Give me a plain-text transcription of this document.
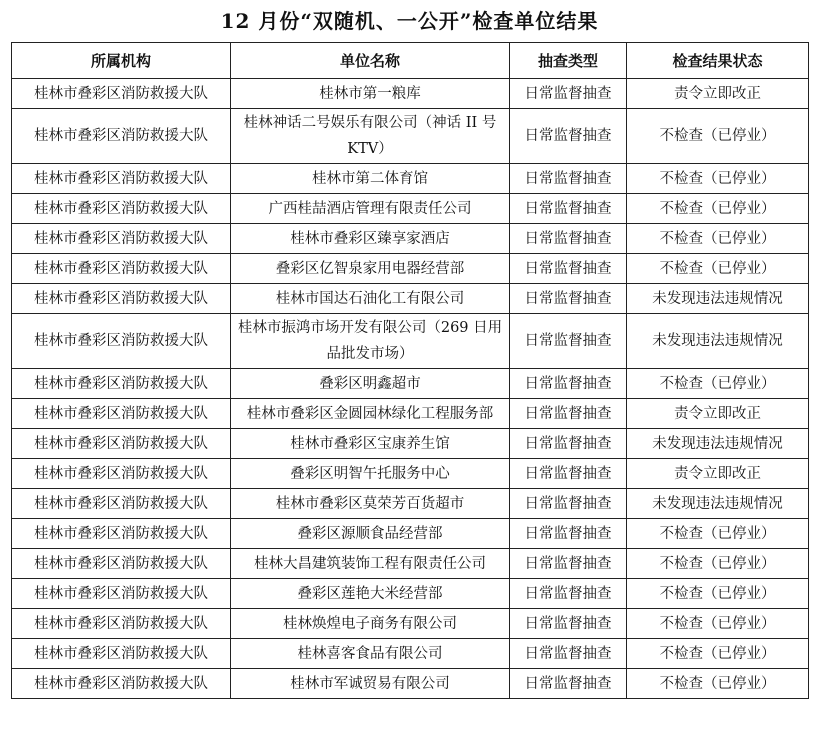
12 月份“双随机、一公开”检查单位结果
所属机构	单位名称	抽查类型	检查结果状态
桂林市叠彩区消防救援大队	桂林市第一粮库	日常监督抽查	责令立即改正
桂林市叠彩区消防救援大队	桂林神话二号娱乐有限公司（神话 II 号 KTV）	日常监督抽查	不检查（已停业）
桂林市叠彩区消防救援大队	桂林市第二体育馆	日常监督抽查	不检查（已停业）
桂林市叠彩区消防救援大队	广西桂喆酒店管理有限责任公司	日常监督抽查	不检查（已停业）
桂林市叠彩区消防救援大队	桂林市叠彩区臻享家酒店	日常监督抽查	不检查（已停业）
桂林市叠彩区消防救援大队	叠彩区亿智泉家用电器经营部	日常监督抽查	不检查（已停业）
桂林市叠彩区消防救援大队	桂林市国达石油化工有限公司	日常监督抽查	未发现违法违规情况
桂林市叠彩区消防救援大队	桂林市振鸿市场开发有限公司（269 日用品批发市场）	日常监督抽查	未发现违法违规情况
桂林市叠彩区消防救援大队	叠彩区明鑫超市	日常监督抽查	不检查（已停业）
桂林市叠彩区消防救援大队	桂林市叠彩区金圆园林绿化工程服务部	日常监督抽查	责令立即改正
桂林市叠彩区消防救援大队	桂林市叠彩区宝康养生馆	日常监督抽查	未发现违法违规情况
桂林市叠彩区消防救援大队	叠彩区明智午托服务中心	日常监督抽查	责令立即改正
桂林市叠彩区消防救援大队	桂林市叠彩区莫荣芳百货超市	日常监督抽查	未发现违法违规情况
桂林市叠彩区消防救援大队	叠彩区源顺食品经营部	日常监督抽查	不检查（已停业）
桂林市叠彩区消防救援大队	桂林大昌建筑装饰工程有限责任公司	日常监督抽查	不检查（已停业）
桂林市叠彩区消防救援大队	叠彩区莲艳大米经营部	日常监督抽查	不检查（已停业）
桂林市叠彩区消防救援大队	桂林焕煌电子商务有限公司	日常监督抽查	不检查（已停业）
桂林市叠彩区消防救援大队	桂林喜客食品有限公司	日常监督抽查	不检查（已停业）
桂林市叠彩区消防救援大队	桂林市军诚贸易有限公司	日常监督抽查	不检查（已停业）
